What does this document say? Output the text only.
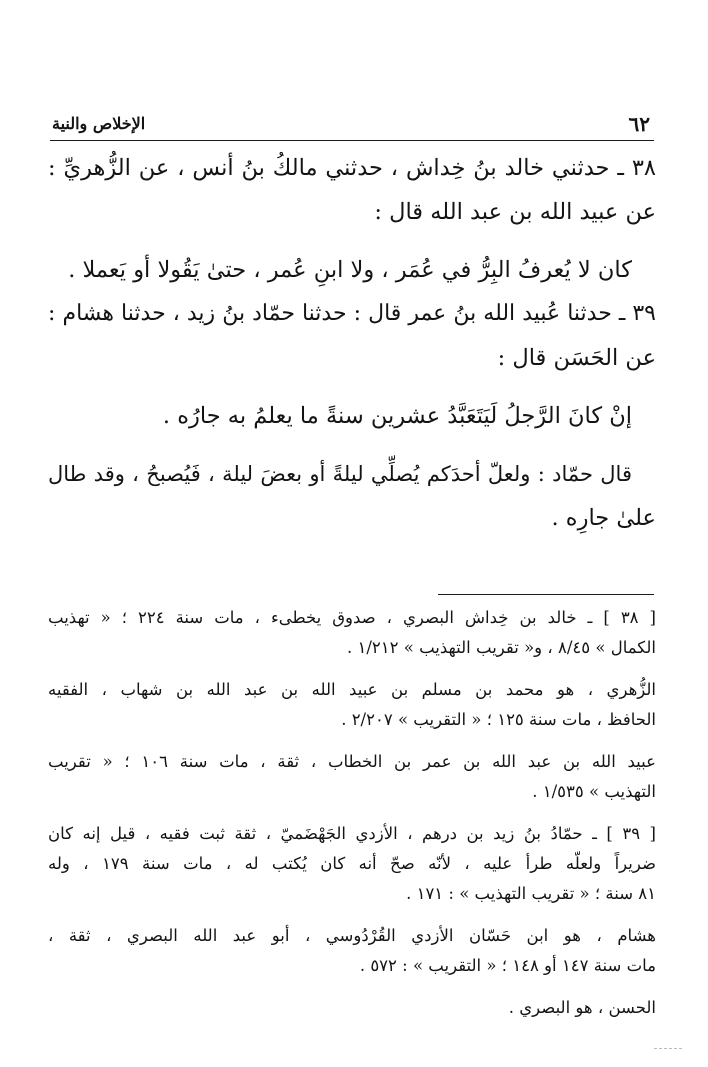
٦٢
الإخلاص والنية
٣٨ ـ حدثني خالد بنُ خِداش ، حدثني مالكُ بنُ أنس ، عن الزُّهريِّ :
عن عبيد الله بن عبد الله قال :
كان لا يُعرفُ البِرُّ في عُمَر ، ولا ابنِ عُمر ، حتىٰ يَقُولا أو يَعملا .
٣٩ ـ حدثنا عُبيد الله بنُ عمر قال : حدثنا حمّاد بنُ زيد ، حدثنا هشام :
عن الحَسَن قال :
إنْ كانَ الرَّجلُ لَيَتَعَبَّدُ عشرين سنةً ما يعلمُ به جارُه .
قال حمّاد : ولعلّ أحدَكم يُصلِّي ليلةً أو بعضَ ليلة ، فَيُصبحُ ، وقد طال
علىٰ جارِه .
[ ٣٨ ] ـ خالد بن خِداش البصري ، صدوق يخطىء ، مات سنة ٢٢٤ ؛ « تهذيب
الكمال » ٨/٤٥ ، و« تقريب التهذيب » ١/٢١٢ .
الزُّهري ، هو محمد بن مسلم بن عبيد الله بن عبد الله بن شهاب ، الفقيه
الحافظ ، مات سنة ١٢٥ ؛ « التقريب » ٢/٢٠٧ .
عبيد الله بن عبد الله بن عمر بن الخطاب ، ثقة ، مات سنة ١٠٦ ؛ « تقريب
التهذيب » ١/٥٣٥ .
[ ٣٩ ] ـ حمّادُ بنُ زيد بن درهم ، الأزدي الجَهْضَميّ ، ثقة ثبت فقيه ، قيل إنه كان
ضريراً ولعلّه طرأ عليه ، لأنّه صحّ أنه كان يُكتب له ، مات سنة ١٧٩ ، وله
٨١ سنة ؛ « تقريب التهذيب » : ١٧١ .
هشام ، هو ابن حَسّان الأزدي القُرْدُوسي ، أبو عبد الله البصري ، ثقة ،
مات سنة ١٤٧ أو ١٤٨ ؛ « التقريب » : ٥٧٢ .
الحسن ، هو البصري .
